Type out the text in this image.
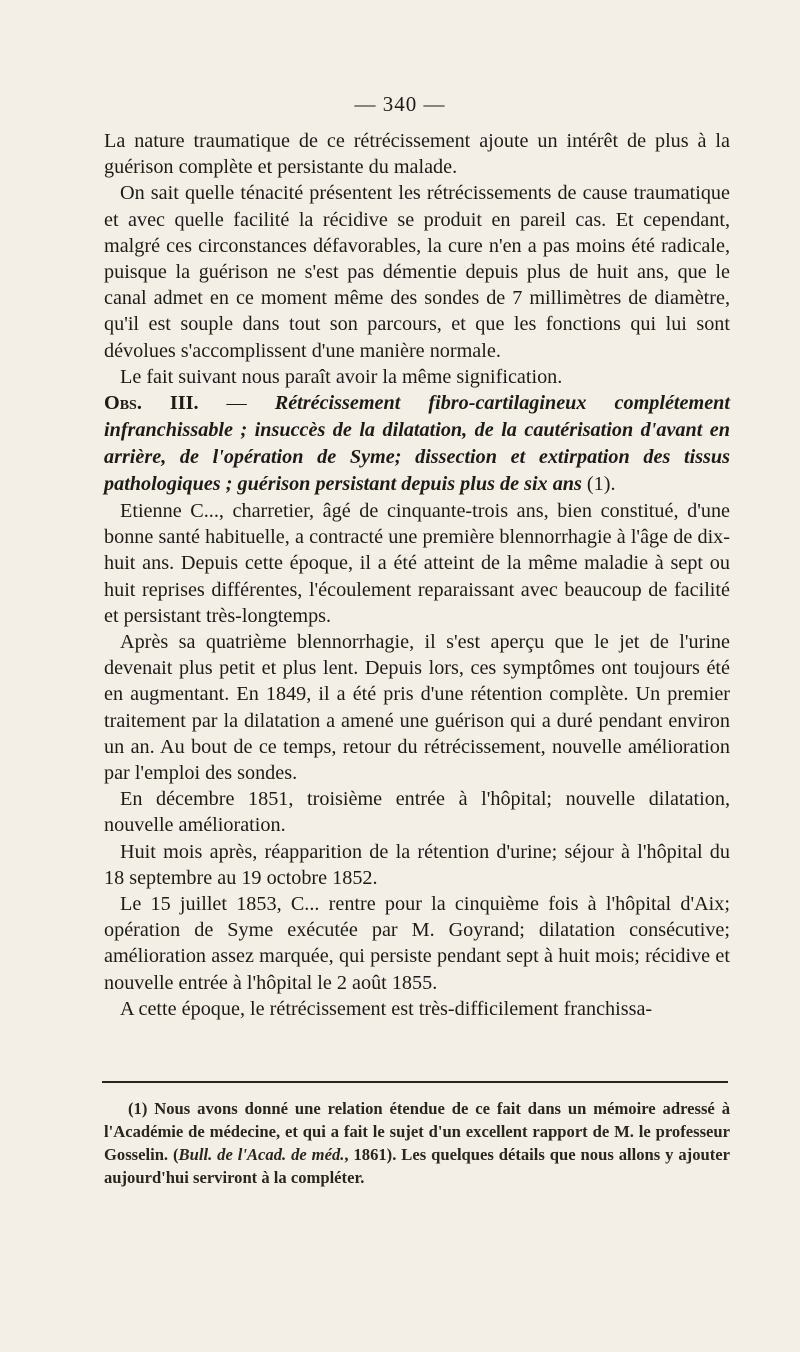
— 340 —

La nature traumatique de ce rétrécissement ajoute un intérêt de plus à la guérison complète et persistante du malade.

On sait quelle ténacité présentent les rétrécissements de cause traumatique et avec quelle facilité la récidive se produit en pareil cas. Et cependant, malgré ces circonstances défavorables, la cure n'en a pas moins été radicale, puisque la guérison ne s'est pas démentie depuis plus de huit ans, que le canal admet en ce moment même des sondes de 7 millimètres de diamètre, qu'il est souple dans tout son parcours, et que les fonctions qui lui sont dévolues s'accomplissent d'une manière normale.

Le fait suivant nous paraît avoir la même signification.

Obs. III. — Rétrécissement fibro-cartilagineux complétement infranchissable ; insuccès de la dilatation, de la cautérisation d'avant en arrière, de l'opération de Syme; dissection et extirpation des tissus pathologiques ; guérison persistant depuis plus de six ans (1).

Etienne C..., charretier, âgé de cinquante-trois ans, bien constitué, d'une bonne santé habituelle, a contracté une première blennorrhagie à l'âge de dix-huit ans. Depuis cette époque, il a été atteint de la même maladie à sept ou huit reprises différentes, l'écoulement reparaissant avec beaucoup de facilité et persistant très-longtemps.

Après sa quatrième blennorrhagie, il s'est aperçu que le jet de l'urine devenait plus petit et plus lent. Depuis lors, ces symptômes ont toujours été en augmentant. En 1849, il a été pris d'une rétention complète. Un premier traitement par la dilatation a amené une guérison qui a duré pendant environ un an. Au bout de ce temps, retour du rétrécissement, nouvelle amélioration par l'emploi des sondes.

En décembre 1851, troisième entrée à l'hôpital; nouvelle dilatation, nouvelle amélioration.

Huit mois après, réapparition de la rétention d'urine; séjour à l'hôpital du 18 septembre au 19 octobre 1852.

Le 15 juillet 1853, C... rentre pour la cinquième fois à l'hôpital d'Aix; opération de Syme exécutée par M. Goyrand; dilatation consécutive; amélioration assez marquée, qui persiste pendant sept à huit mois; récidive et nouvelle entrée à l'hôpital le 2 août 1855.

A cette époque, le rétrécissement est très-difficilement franchissa-

(1) Nous avons donné une relation étendue de ce fait dans un mémoire adressé à l'Académie de médecine, et qui a fait le sujet d'un excellent rapport de M. le professeur Gosselin. (Bull. de l'Acad. de méd., 1861). Les quelques détails que nous allons y ajouter aujourd'hui serviront à la compléter.
